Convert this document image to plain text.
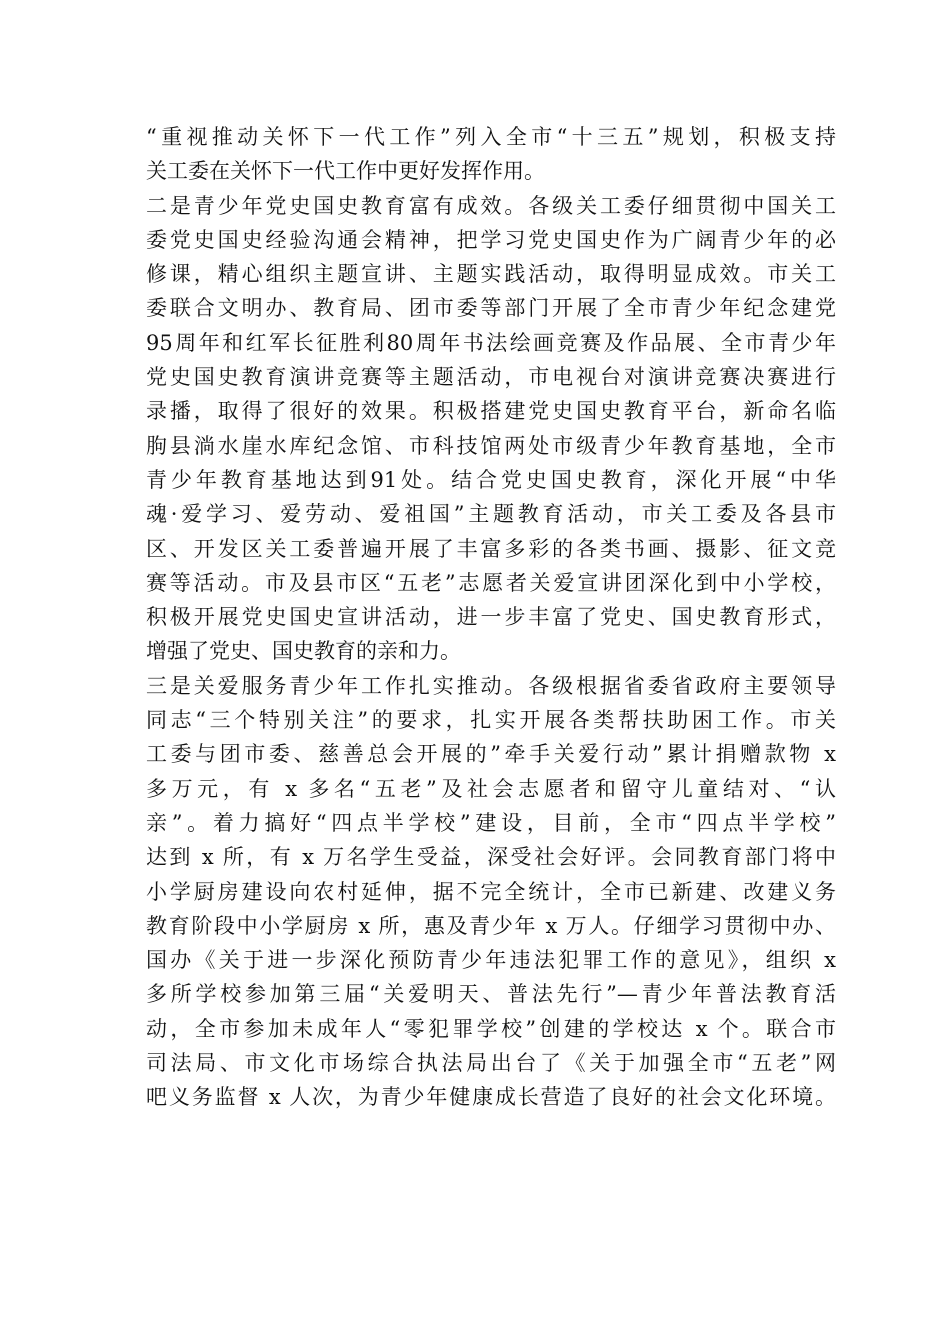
“重视推动关怀下一代工作”列入全市“十三五”规划，积极支持
关工委在关怀下一代工作中更好发挥作用。
二是青少年党史国史教育富有成效。各级关工委仔细贯彻中国关工
委党史国史经验沟通会精神，把学习党史国史作为广阔青少年的必
修课，精心组织主题宣讲、主题实践活动，取得明显成效。市关工
委联合文明办、教育局、团市委等部门开展了全市青少年纪念建党
95周年和红军长征胜利80周年书法绘画竞赛及作品展、全市青少年
党史国史教育演讲竞赛等主题活动，市电视台对演讲竞赛决赛进行
录播，取得了很好的效果。积极搭建党史国史教育平台，新命名临
朐县淌水崖水库纪念馆、市科技馆两处市级青少年教育基地，全市
青少年教育基地达到91处。结合党史国史教育，深化开展“中华
魂·爱学习、爱劳动、爱祖国”主题教育活动，市关工委及各县市
区、开发区关工委普遍开展了丰富多彩的各类书画、摄影、征文竞
赛等活动。市及县市区“五老”志愿者关爱宣讲团深化到中小学校，
积极开展党史国史宣讲活动，进一步丰富了党史、国史教育形式，
增强了党史、国史教育的亲和力。
三是关爱服务青少年工作扎实推动。各级根据省委省政府主要领导
同志“三个特别关注”的要求，扎实开展各类帮扶助困工作。市关
工委与团市委、慈善总会开展的”牵手关爱行动”累计捐赠款物 x
多万元，有 x 多名“五老”及社会志愿者和留守儿童结对、“认
亲”。着力搞好“四点半学校”建设，目前，全市“四点半学校”
达到 x 所，有 x 万名学生受益，深受社会好评。会同教育部门将中
小学厨房建设向农村延伸，据不完全统计，全市已新建、改建义务
教育阶段中小学厨房 x 所，惠及青少年 x 万人。仔细学习贯彻中办、
国办《关于进一步深化预防青少年违法犯罪工作的意见》，组织 x
多所学校参加第三届“关爱明天、普法先行”—青少年普法教育活
动，全市参加未成年人“零犯罪学校”创建的学校达 x 个。联合市
司法局、市文化市场综合执法局出台了《关于加强全市“五老”网
吧义务监督 x 人次，为青少年健康成长营造了良好的社会文化环境。
